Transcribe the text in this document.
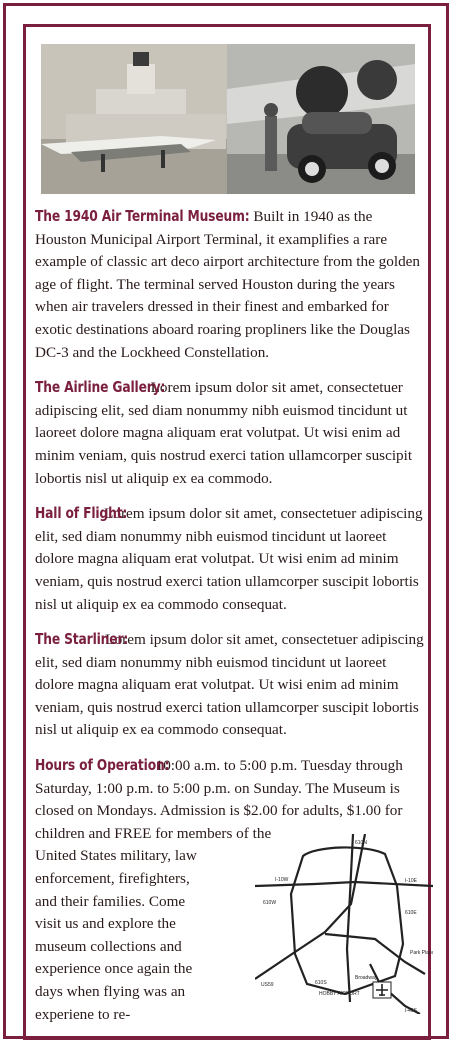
The 1940 Air Terminal Museum: Built in 1940 as the Houston Municipal Airport Terminal, it examplifies a rare example of classic art deco airport architecture from the golden age of flight. The terminal served Houston during the years when air travelers dressed in their finest and embarked for exotic destinations aboard roaring propliners like the Douglas DC-3 and the Lockheed Constellation.

The Airline Gallery: Lorem ipsum dolor sit amet, consectetuer adipiscing elit, sed diam nonummy nibh euismod tincidunt ut laoreet dolore magna aliquam erat volutpat. Ut wisi enim ad minim veniam, quis nostrud exerci tation ullamcorper suscipit lobortis nisl ut aliquip ex ea commodo.

Hall of Flight: Lorem ipsum dolor sit amet, consectetuer adipiscing elit, sed diam nonummy nibh euismod tincidunt ut laoreet dolore magna aliquam erat volutpat. Ut wisi enim ad minim veniam, quis nostrud exerci tation ullamcorper suscipit lobortis nisl ut aliquip ex ea commodo consequat.

The Starliner: Lorem ipsum dolor sit amet, consectetuer adipiscing elit, sed diam nonummy nibh euismod tincidunt ut laoreet dolore magna aliquam erat volutpat. Ut wisi enim ad minim veniam, quis nostrud exerci tation ullamcorper suscipit lobortis nisl ut aliquip ex ea commodo consequat.

Hours of Operation: 10:00 a.m. to 5:00 p.m. Tuesday through Saturday, 1:00 p.m. to 5:00 p.m. on Sunday. The Museum is closed on Mondays. Admission is $2.00 for adults, $1.00 for children and FREE for members of the

United States military, law enforcement, firefighters, and their families. Come visit us and explore the museum collections and experience once again the days when flying was an experiene to re-

610N
I-10W	I-10E
610W
610E
Park Place
US59	610S
Broadway
HOBBY AIRPORT
I-45S
